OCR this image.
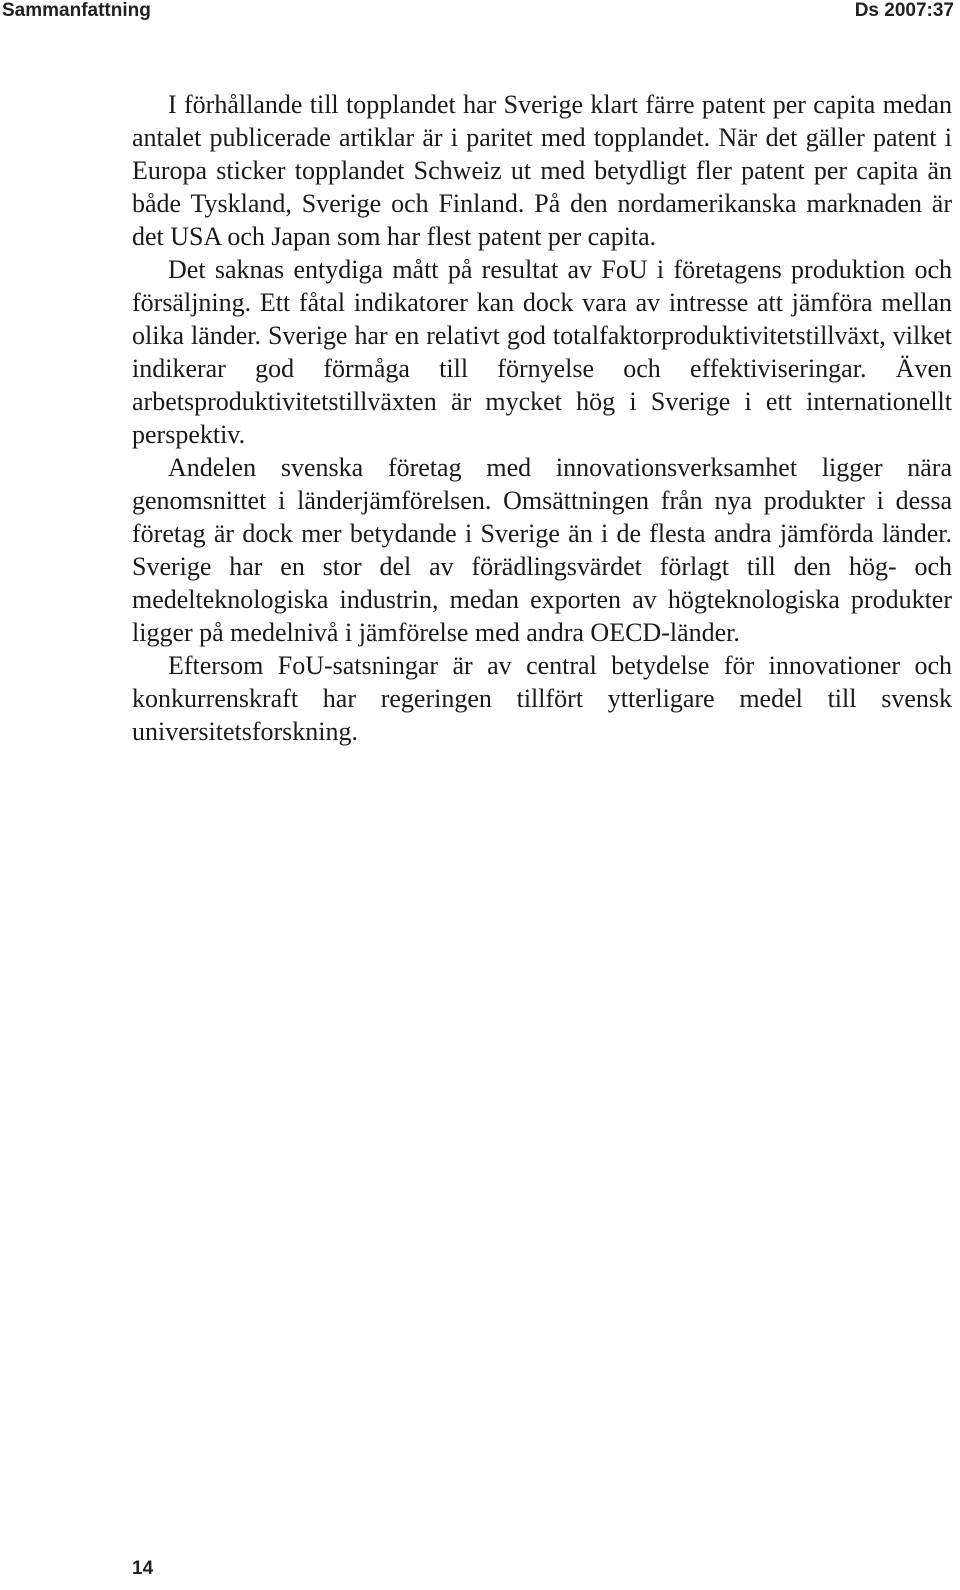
Sammanfattning	Ds 2007:37

I förhållande till topplandet har Sverige klart färre patent per capita medan antalet publicerade artiklar är i paritet med topplandet. När det gäller patent i Europa sticker topplandet Schweiz ut med betydligt fler patent per capita än både Tyskland, Sverige och Finland. På den nordamerikanska marknaden är det USA och Japan som har flest patent per capita.

Det saknas entydiga mått på resultat av FoU i företagens produktion och försäljning. Ett fåtal indikatorer kan dock vara av intresse att jämföra mellan olika länder. Sverige har en relativt god totalfaktorproduktivitetstillväxt, vilket indikerar god förmåga till förnyelse och effektiviseringar. Även arbetsproduktivitetstillväxten är mycket hög i Sverige i ett internationellt perspektiv.

Andelen svenska företag med innovationsverksamhet ligger nära genomsnittet i länderjämförelsen. Omsättningen från nya produkter i dessa företag är dock mer betydande i Sverige än i de flesta andra jämförda länder. Sverige har en stor del av förädlingsvärdet förlagt till den hög- och medelteknologiska industrin, medan exporten av högteknologiska produkter ligger på medelnivå i jämförelse med andra OECD-länder.

Eftersom FoU-satsningar är av central betydelse för innovationer och konkurrenskraft har regeringen tillfört ytterligare medel till svensk universitetsforskning.

14
